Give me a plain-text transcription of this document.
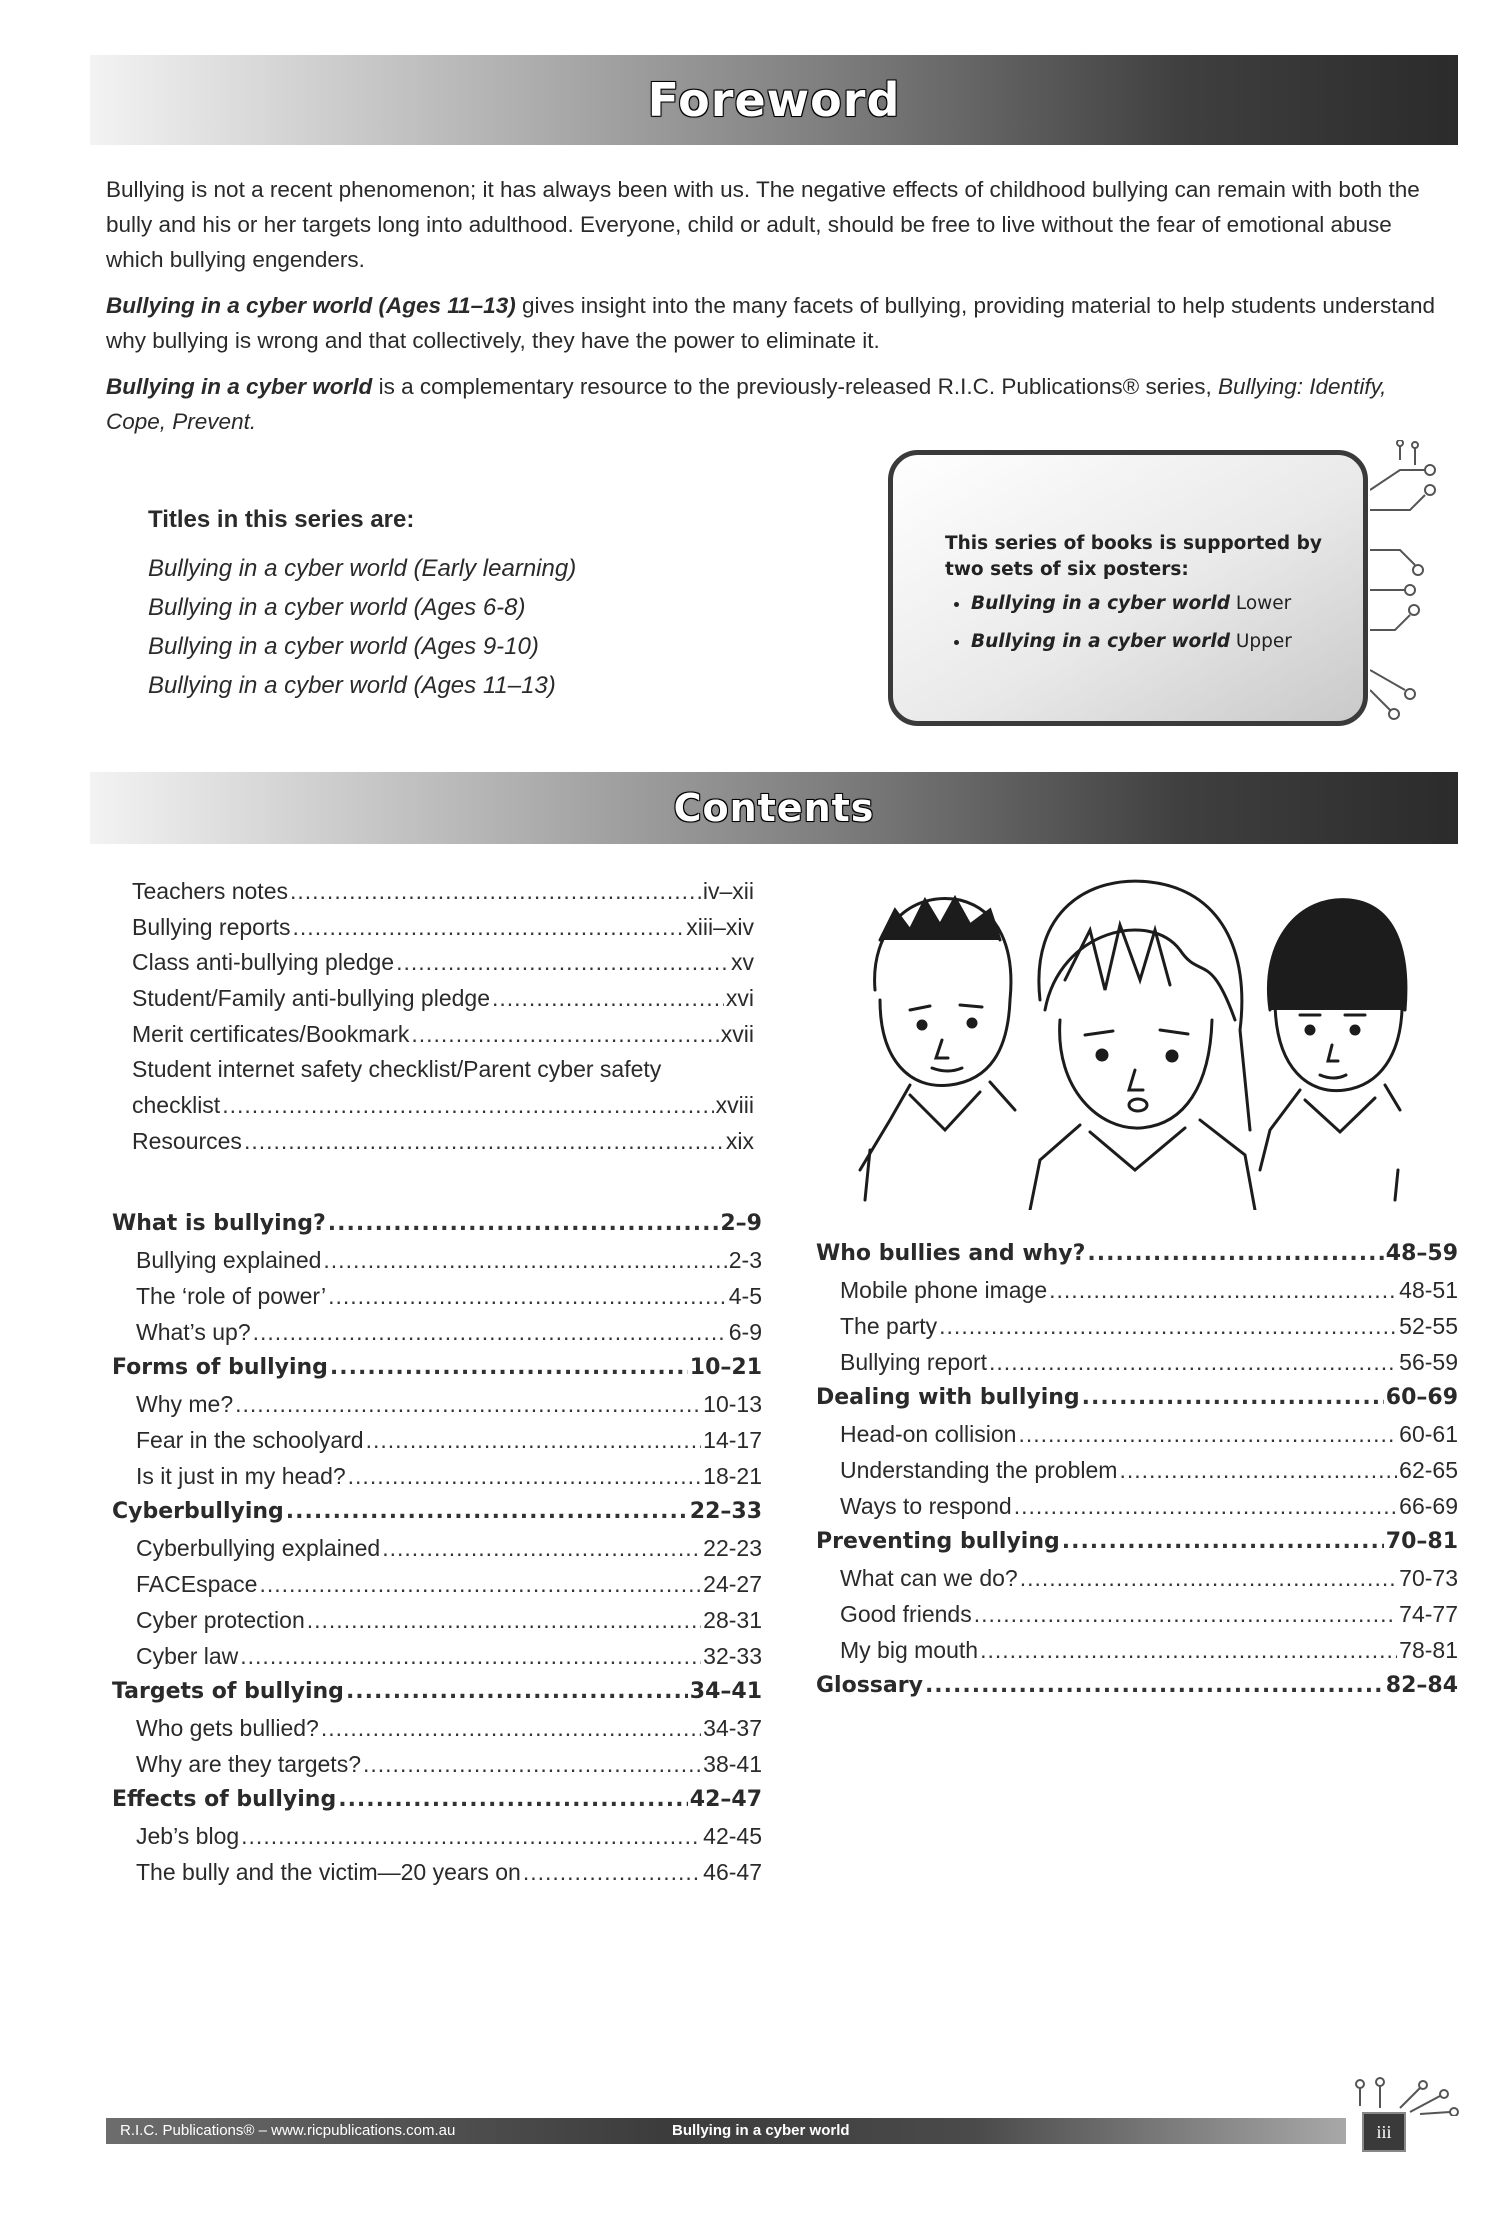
Foreword

Bullying is not a recent phenomenon; it has always been with us. The negative effects of childhood bullying can remain with both the bully and his or her targets long into adulthood. Everyone, child or adult, should be free to live without the fear of emotional abuse which bullying engenders.

Bullying in a cyber world (Ages 11–13) gives insight into the many facets of bullying, providing material to help students understand why bullying is wrong and that collectively, they have the power to eliminate it.

Bullying in a cyber world is a complementary resource to the previously-released R.I.C. Publications® series, Bullying: Identify, Cope, Prevent.

Titles in this series are:
Bullying in a cyber world (Early learning)
Bullying in a cyber world (Ages 6-8)
Bullying in a cyber world (Ages 9-10)
Bullying in a cyber world (Ages 11–13)
This series of books is supported by two sets of six posters:
• Bullying in a cyber world Lower
• Bullying in a cyber world Upper
Contents
Teachers notes .....	iv–xii
Bullying reports .....	xiii–xiv
Class anti-bullying pledge .....	xv
Student/Family anti-bullying pledge .....	xvi
Merit certificates/Bookmark .....	xvii
Student internet safety checklist/Parent cyber safety
checklist .....	xviii
Resources .....	xix
What is bullying? .....	2–9
Bullying explained .....	2-3
The ‘role of power’ .....	4-5
What’s up? .....	6-9
Forms of bullying .....	10–21
Why me? .....	10-13
Fear in the schoolyard .....	14-17
Is it just in my head? .....	18-21
Cyberbullying .....	22–33
Cyberbullying explained .....	22-23
FACEspace .....	24-27
Cyber protection .....	28-31
Cyber law .....	32-33
Targets of bullying .....	34–41
Who gets bullied? .....	34-37
Why are they targets? .....	38-41
Effects of bullying .....	42–47
Jeb’s blog .....	42-45
The bully and the victim—20 years on .....	46-47
Who bullies and why? .....	48–59
Mobile phone image .....	48-51
The party .....	52-55
Bullying report .....	56-59
Dealing with bullying .....	60–69
Head-on collision .....	60-61
Understanding the problem .....	62-65
Ways to respond .....	66-69
Preventing bullying .....	70–81
What can we do? .....	70-73
Good friends .....	74-77
My big mouth .....	78-81
Glossary .....	82–84
R.I.C. Publications® – www.ricpublications.com.au	Bullying in a cyber world	iii
